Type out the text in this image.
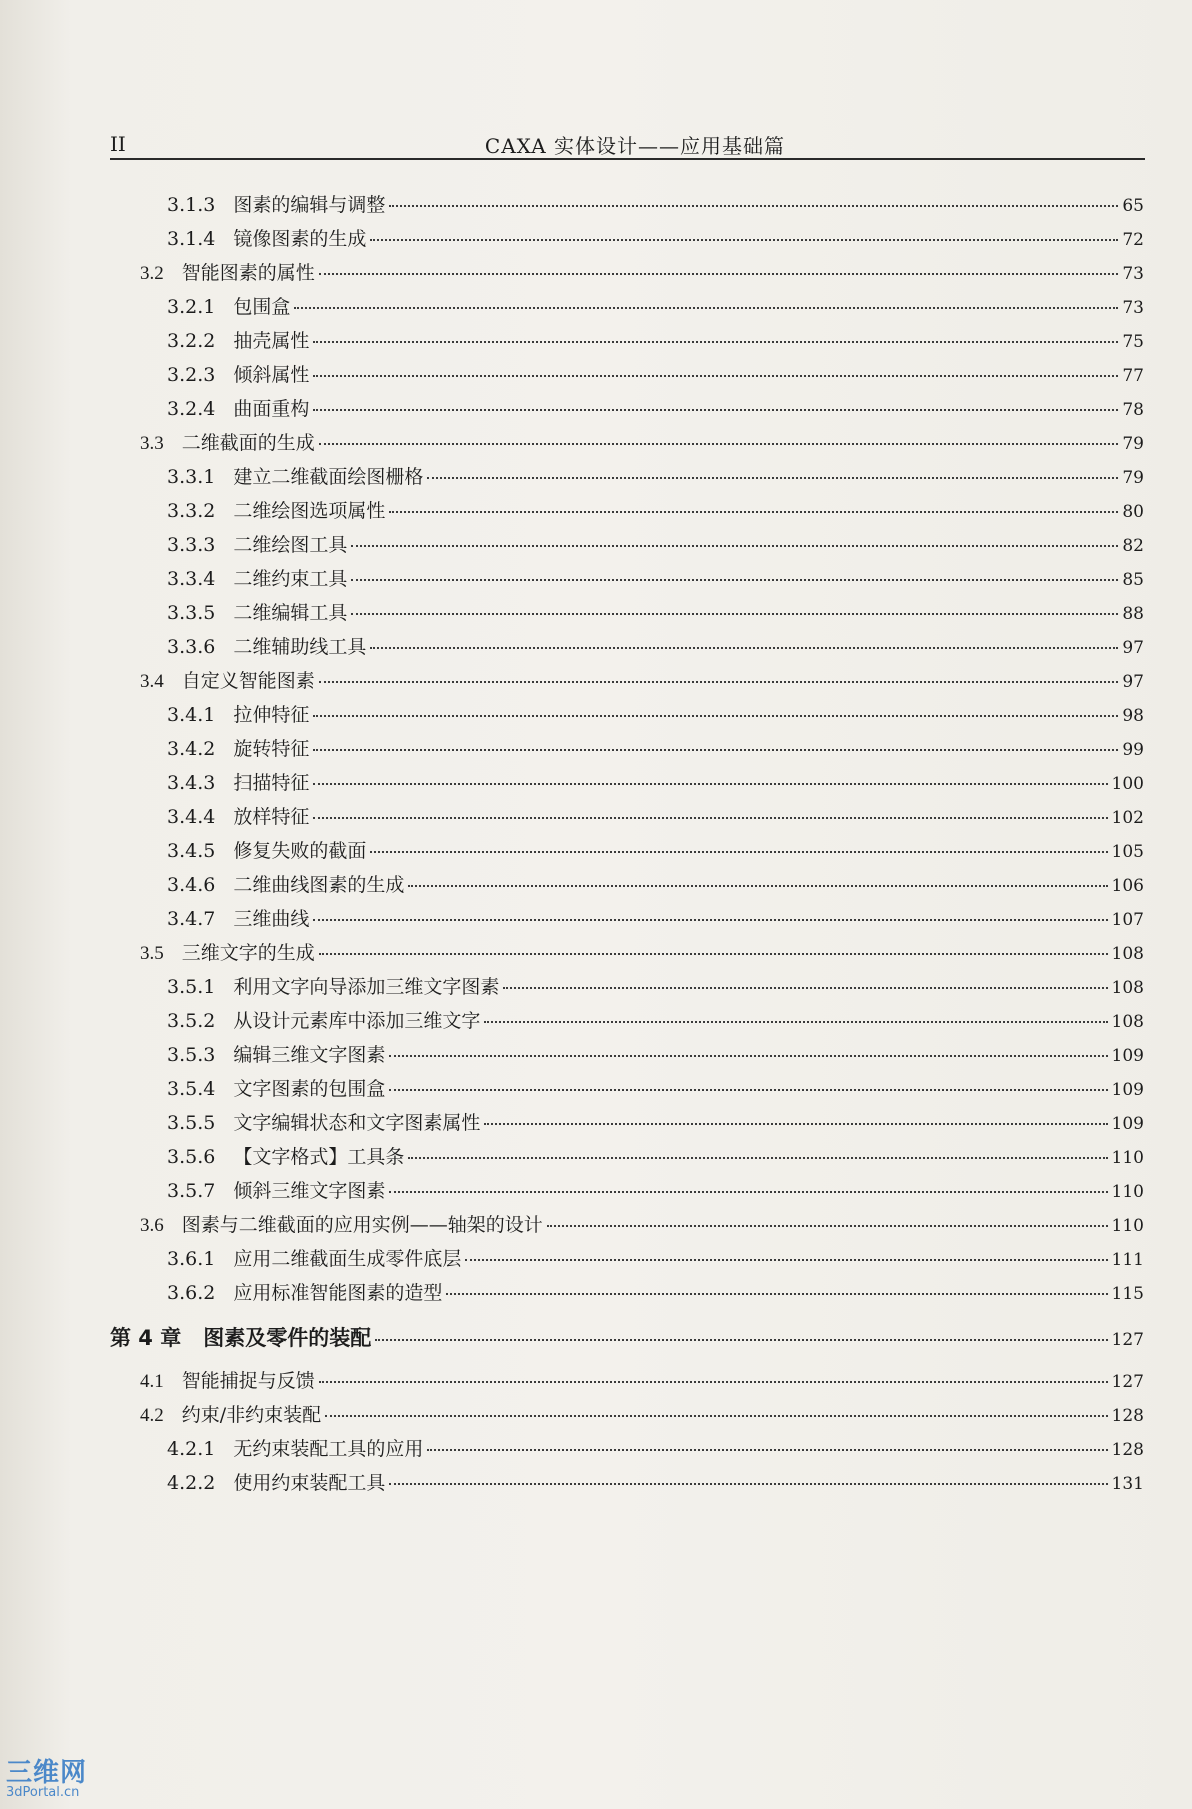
II	CAXA 实体设计——应用基础篇
3.1.3 图素的编辑与调整	65
3.1.4 镜像图素的生成	72
3.2 智能图素的属性	73
3.2.1 包围盒	73
3.2.2 抽壳属性	75
3.2.3 倾斜属性	77
3.2.4 曲面重构	78
3.3 二维截面的生成	79
3.3.1 建立二维截面绘图栅格	79
3.3.2 二维绘图选项属性	80
3.3.3 二维绘图工具	82
3.3.4 二维约束工具	85
3.3.5 二维编辑工具	88
3.3.6 二维辅助线工具	97
3.4 自定义智能图素	97
3.4.1 拉伸特征	98
3.4.2 旋转特征	99
3.4.3 扫描特征	100
3.4.4 放样特征	102
3.4.5 修复失败的截面	105
3.4.6 二维曲线图素的生成	106
3.4.7 三维曲线	107
3.5 三维文字的生成	108
3.5.1 利用文字向导添加三维文字图素	108
3.5.2 从设计元素库中添加三维文字	108
3.5.3 编辑三维文字图素	109
3.5.4 文字图素的包围盒	109
3.5.5 文字编辑状态和文字图素属性	109
3.5.6 【文字格式】工具条	110
3.5.7 倾斜三维文字图素	110
3.6 图素与二维截面的应用实例——轴架的设计	110
3.6.1 应用二维截面生成零件底层	111
3.6.2 应用标准智能图素的造型	115
第 4 章 图素及零件的装配	127
4.1 智能捕捉与反馈	127
4.2 约束/非约束装配	128
4.2.1 无约束装配工具的应用	128
4.2.2 使用约束装配工具	131
三维网
3dPortal.cn
